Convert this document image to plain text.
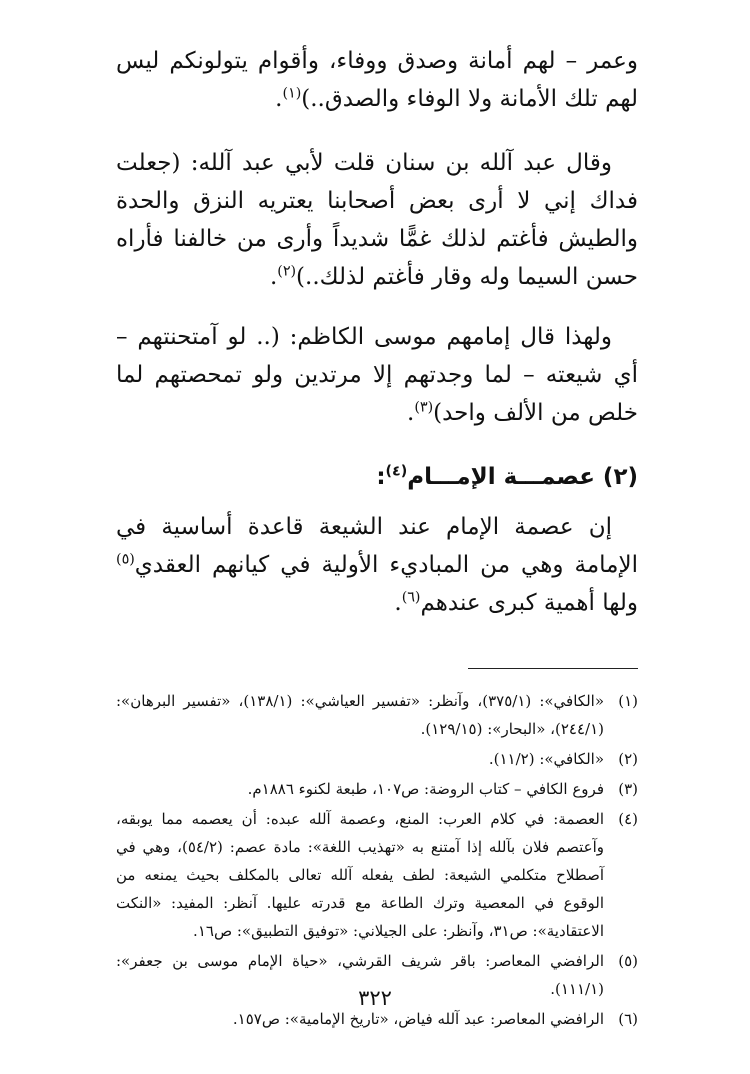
وعمر – لهم أمانة وصدق ووفاء، وأقوام يتولونكم ليس لهم تلك الأمانة ولا الوفاء والصدق..)$^{(١)}$.

وقال عبد آلله بن سنان قلت لأبي عبد آلله: (جعلت فداك إني لا أرى بعض أصحابنا يعتريه النزق والحدة والطيش فأغتم لذلك غمًّا شديداً وأرى من خالفنا فأراه حسن السيما وله وقار فأغتم لذلك..)$^{(٢)}$.

ولهذا قال إمامهم موسى الكاظم: (.. لو آمتحنتهم – أي شيعته – لما وجدتهم إلا مرتدين ولو تمحصتهم لما خلص من الألف واحد)$^{(٣)}$.

(٢) عصمـــة الإمـــام$^{(٤)}$:

إن عصمة الإمام عند الشيعة قاعدة أساسية في الإمامة وهي من المباديء الأولية في كيانهم العقدي$^{(٥)}$ ولها أهمية كبرى عندهم$^{(٦)}$.

(١)
«الكافي»: (٣٧٥/١)، وآنظر: «تفسير العياشي»: (١٣٨/١)، «تفسير البرهان»: (٢٤٤/١)، «البحار»: (١٢٩/١٥).
(٢)
«الكافي»: (١١/٢).
(٣)
فروع الكافي – كتاب الروضة: ص١٠٧، طبعة لكنوء ١٨٨٦م.
(٤)
العصمة: في كلام العرب: المنع، وعصمة آلله عبده: أن يعصمه مما يوبقه، وآعتصم فلان بآلله إذا آمتنع به «تهذيب اللغة»: مادة عصم: (٥٤/٢)، وهي في آصطلاح متكلمي الشيعة: لطف يفعله آلله تعالى بالمكلف بحيث يمنعه من الوقوع في المعصية وترك الطاعة مع قدرته عليها. آنظر: المفيد: «النكت الاعتقادية»: ص٣١، وآنظر: على الجيلاني: «توفيق التطبيق»: ص١٦.
(٥)
الرافضي المعاصر: باقر شريف القرشي، «حياة الإمام موسى بن جعفر»: (١١١/١).
(٦)
الرافضي المعاصر: عبد آلله فياض، «تاريخ الإمامية»: ص١٥٧.
٣٢٢
